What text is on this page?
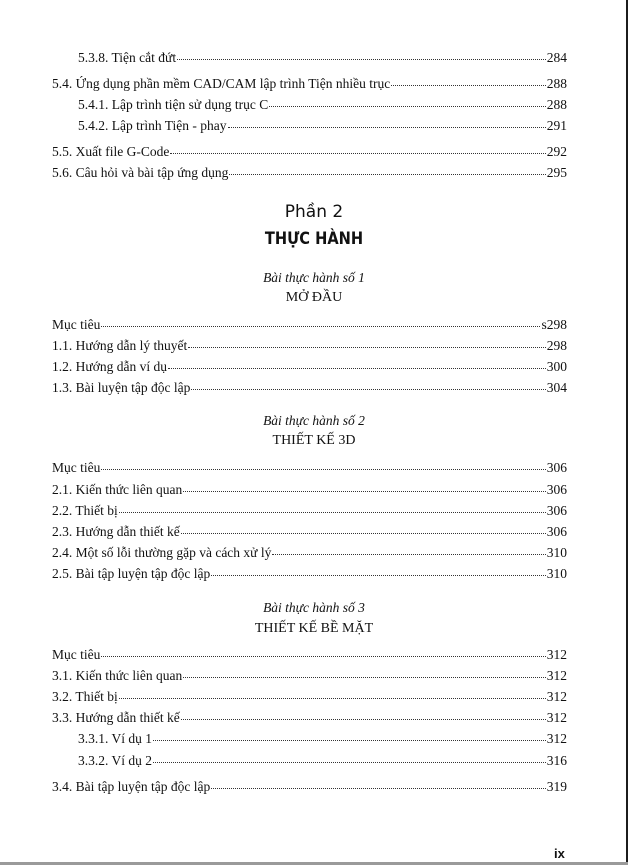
5.3.8. Tiện cắt đứt	284
5.4. Ứng dụng phần mềm CAD/CAM lập trình Tiện nhiều trục	288
5.4.1. Lập trình tiện sử dụng trục C	288
5.4.2. Lập trình Tiện - phay	291
5.5. Xuất file G-Code	292
5.6. Câu hỏi và bài tập ứng dụng	295
Phần 2
THỰC HÀNH
Bài thực hành số 1
MỞ ĐẦU
Mục tiêu	s298
1.1. Hướng dẫn lý thuyết	298
1.2. Hướng dẫn ví dụ	300
1.3. Bài luyện tập độc lập	304
Bài thực hành số 2
THIẾT KẾ 3D
Mục tiêu	306
2.1. Kiến thức liên quan	306
2.2. Thiết bị	306
2.3. Hướng dẫn thiết kế	306
2.4. Một số lỗi thường gặp và cách xử lý	310
2.5. Bài tập luyện tập độc lập	310
Bài thực hành số 3
THIẾT KẾ BỀ MẶT
Mục tiêu	312
3.1. Kiến thức liên quan	312
3.2. Thiết bị	312
3.3. Hướng dẫn thiết kế	312
3.3.1. Ví dụ 1	312
3.3.2. Ví dụ 2	316
3.4. Bài tập luyện tập độc lập	319
ix
